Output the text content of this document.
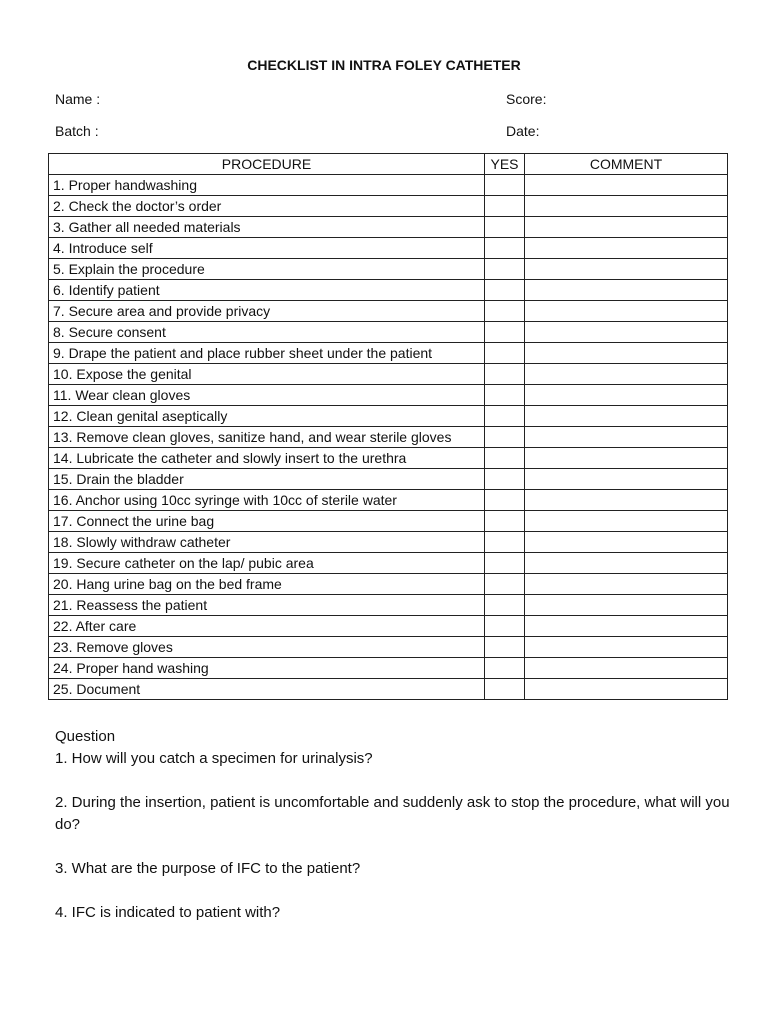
CHECKLIST IN INTRA FOLEY CATHETER
Name :	Score:
Batch :	Date:
PROCEDURE	YES	COMMENT
1. Proper handwashing		
2. Check the doctor’s order		
3. Gather all needed materials		
4. Introduce self		
5. Explain the procedure		
6. Identify patient		
7. Secure area and provide privacy		
8. Secure consent		
9. Drape the patient and place rubber sheet under the patient		
10. Expose the genital		
11. Wear clean gloves		
12. Clean genital aseptically		
13. Remove clean gloves, sanitize hand, and wear sterile gloves		
14. Lubricate the catheter and slowly insert to the urethra		
15. Drain the bladder		
16. Anchor using 10cc syringe with 10cc of sterile water		
17. Connect the urine bag		
18. Slowly withdraw catheter		
19. Secure catheter on the lap/ pubic area		
20. Hang urine bag on the bed frame		
21. Reassess the patient		
22. After care		
23. Remove gloves		
24. Proper hand washing		
25. Document		

Question

1. How will you catch a specimen for urinalysis?

2. During the insertion, patient is uncomfortable and suddenly ask to stop the procedure, what will you do?

3. What are the purpose of IFC to the patient?

4. IFC is indicated to patient with?
